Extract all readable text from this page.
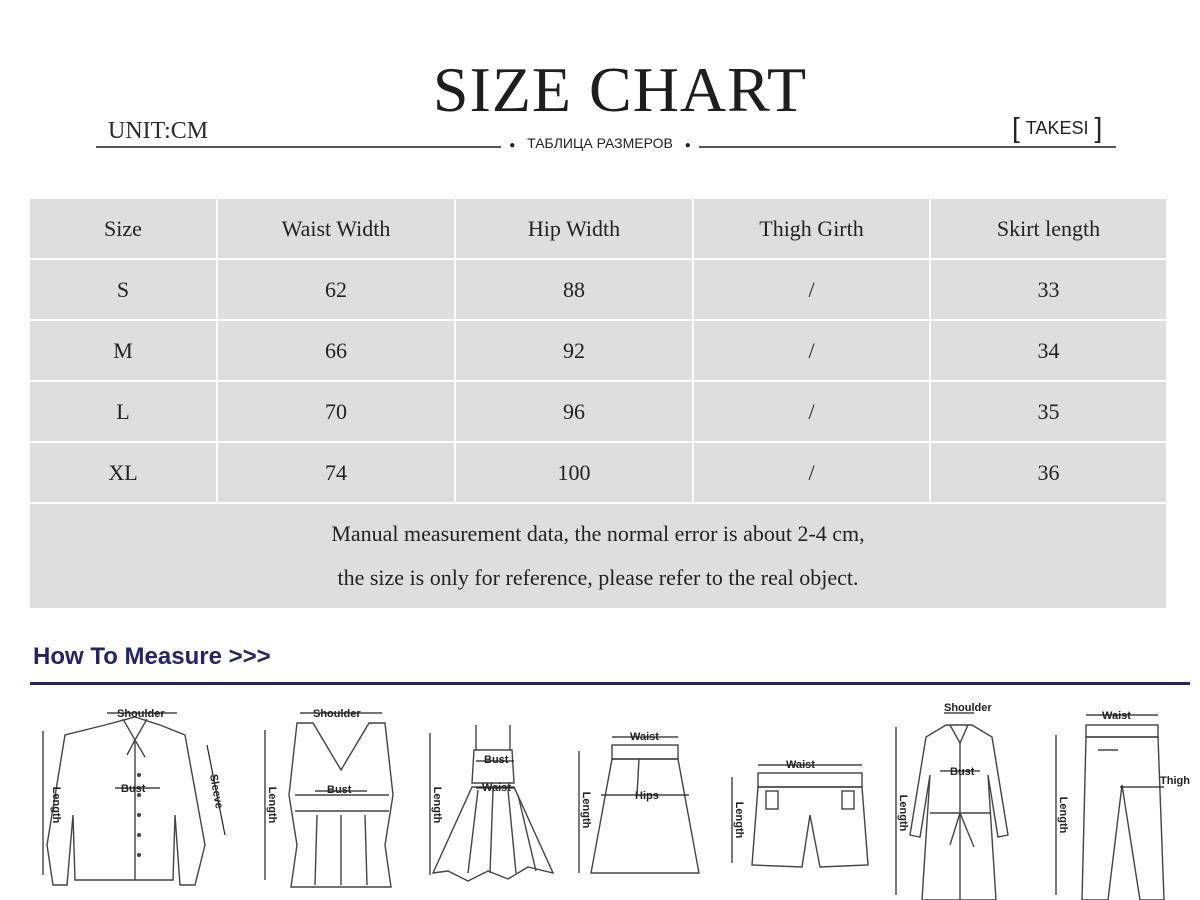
SIZE CHART
UNIT:CM	[ TAKESI ]
● ТАБЛИЦА РАЗМЕРОВ ●
Size	Waist Width	Hip Width	Thigh Girth	Skirt length
S	62	88	/	33
M	66	92	/	34
L	70	96	/	35
XL	74	100	/	36

Manual measurement data, the normal error is about 2-4 cm,
the size is only for reference, please refer to the real object.				
How To Measure >>>
Shoulder
Bust
Length	Sleeve
Shoulder
Bust
Length
Bust
Waist
Length
Waist
Hips
Length
Waist
Length
Shoulder
Bust
Length
Waist
Thigh
Length
